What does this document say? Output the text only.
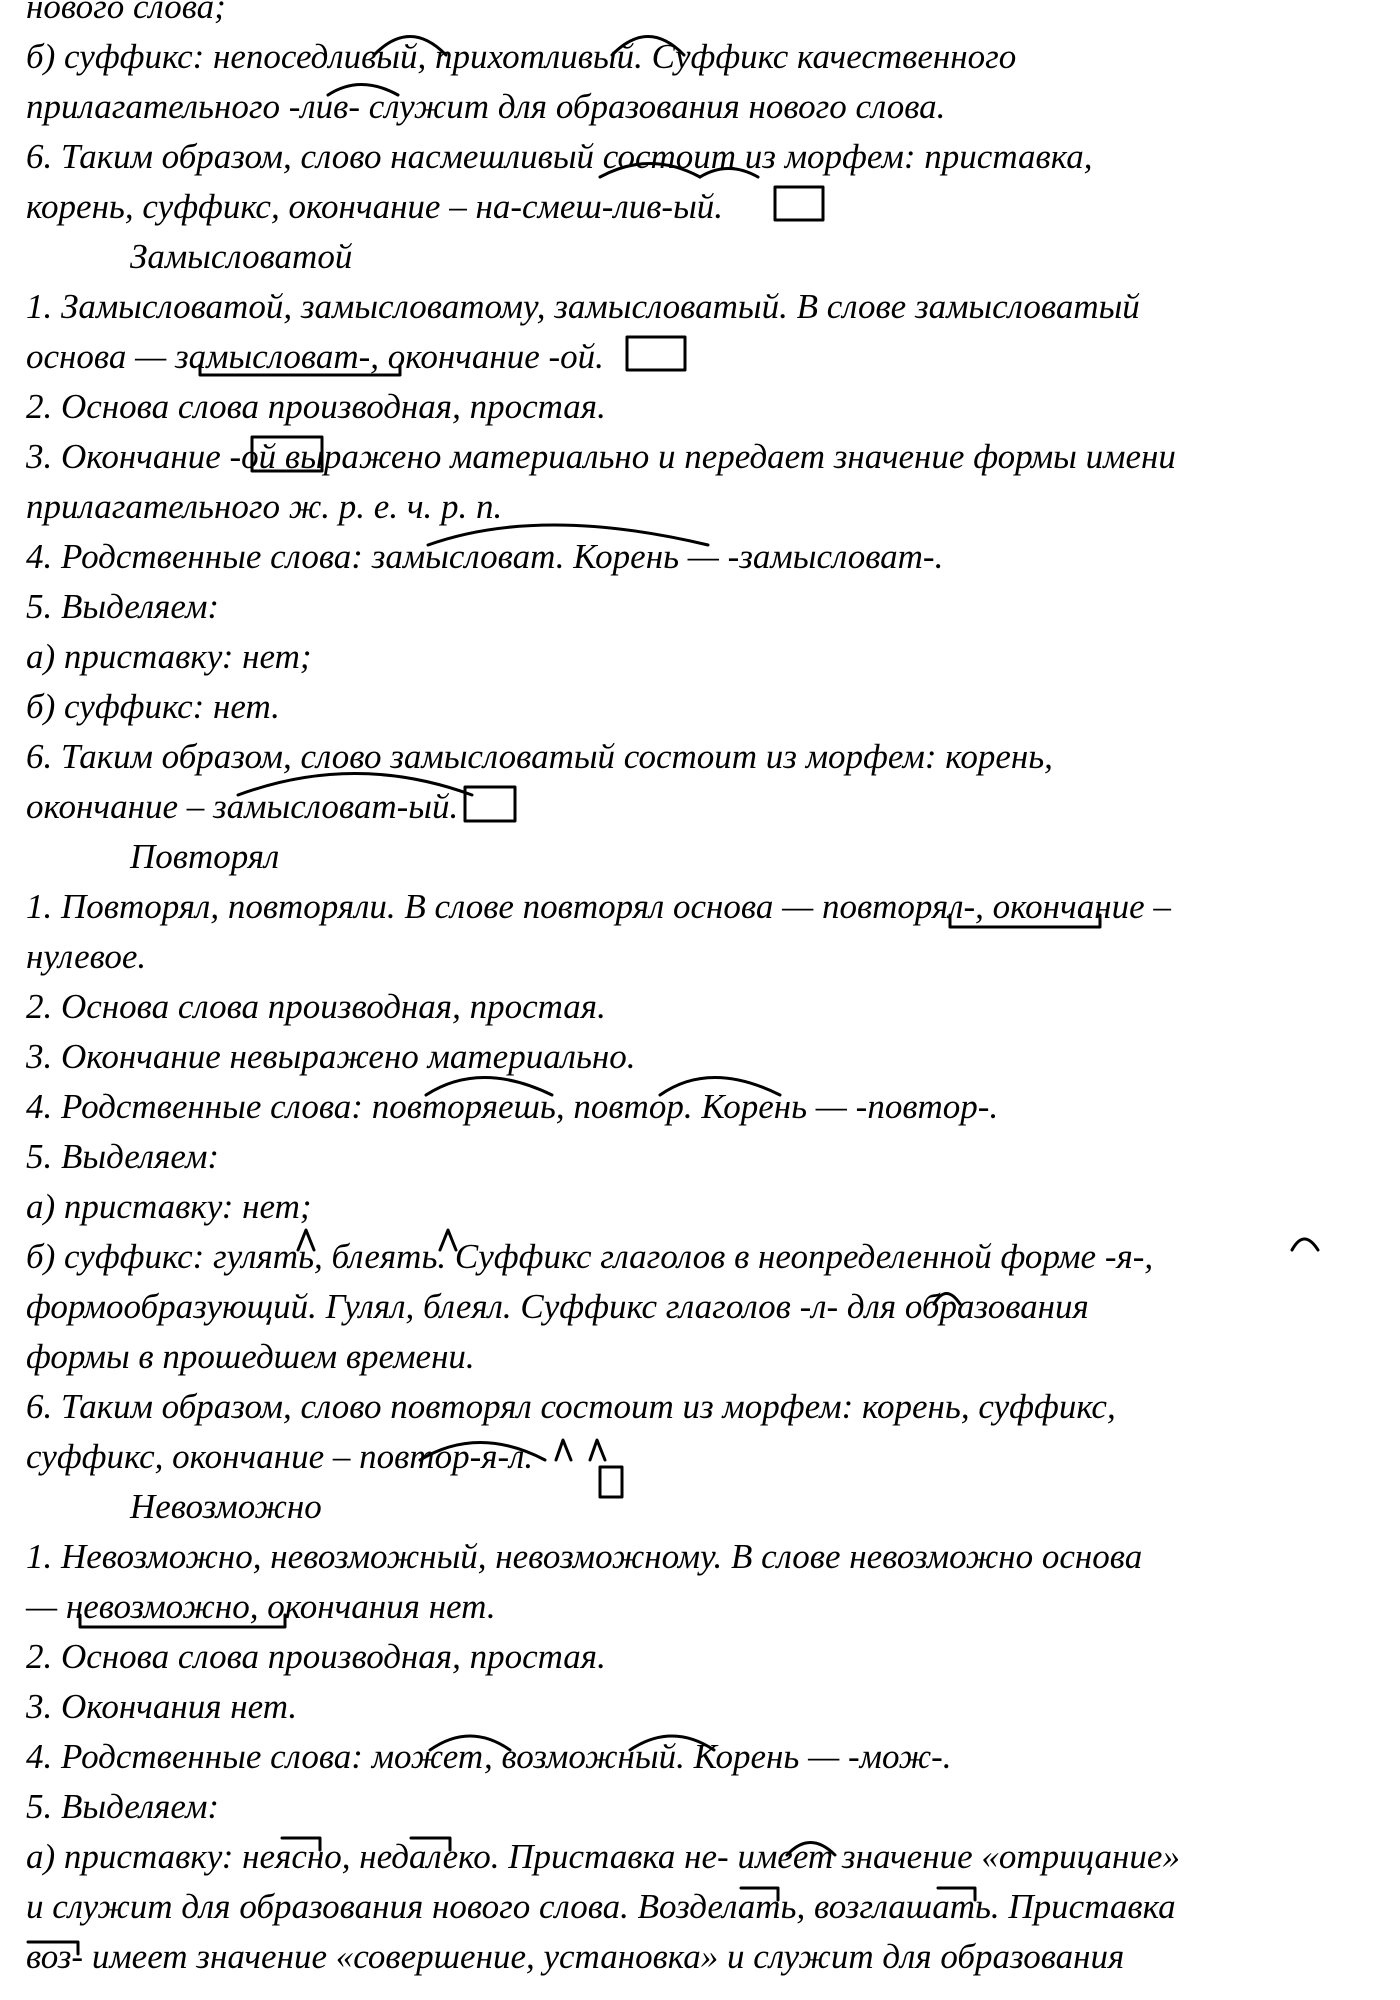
нового слова;

б) суффикс: непоседливый, прихотливый. Суффикс качественного

прилагательного -лив- служит для образования нового слова.

6. Таким образом, слово насмешливый состоит из морфем: приставка,

корень, суффикс, окончание – на-смеш-лив-ый.

Замысловатой

1. Замысловатой, замысловатому, замысловатый. В слове замысловатый

основа — замысловат-, окончание -ой.

2. Основа слова производная, простая.

3. Окончание -ой выражено материально и передает значение формы имени

прилагательного ж. р. е. ч. р. п.

4. Родственные слова: замысловат. Корень — -замысловат-.

5. Выделяем:

а) приставку: нет;

б) суффикс: нет.

6. Таким образом, слово замысловатый состоит из морфем: корень,

окончание – замысловат-ый.

Повторял

1. Повторял, повторяли. В слове повторял основа — повторял-, окончание –

нулевое.

2. Основа слова производная, простая.

3. Окончание невыражено материально.

4. Родственные слова: повторяешь, повтор. Корень — -повтор-.

5. Выделяем:

а) приставку: нет;

б) суффикс: гулять, блеять. Суффикс глаголов в неопределенной форме -я-,

формообразующий. Гулял, блеял. Суффикс глаголов -л- для образования

формы в прошедшем времени.

6. Таким образом, слово повторял состоит из морфем: корень, суффикс,

суффикс, окончание – повтор-я-л.

Невозможно

1. Невозможно, невозможный, невозможному. В слове невозможно основа

— невозможно, окончания нет.

2. Основа слова производная, простая.

3. Окончания нет.

4. Родственные слова: может, возможный. Корень — -мож-.

5. Выделяем:

а) приставку: неясно, недалеко. Приставка не- имеет значение «отрицание»

и служит для образования нового слова. Возделать, возглашать. Приставка

воз- имеет значение «совершение, установка» и служит для образования
